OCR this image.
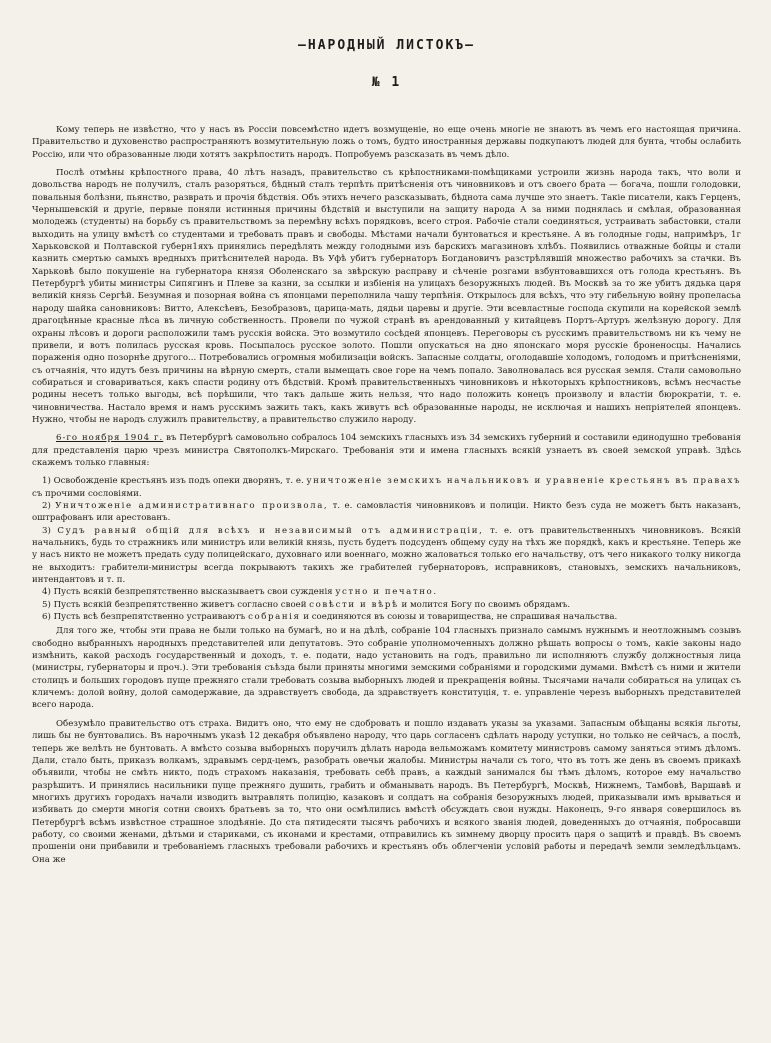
—НАРОДНЫЙ ЛИСТОКЪ—
№ 1

Кому теперь не извѣстно, что у насъ въ Россiи повсемѣстно идетъ возмущенiе, но еще очень многiе не знаютъ въ чемъ его настоящая причина. Правительство и духовенство распространяютъ возмутительную ложь о томъ, будто иностранныя державы подкупаютъ людей для бунта, чтобы ослабить Россiю, или что образованные люди хотятъ закрѣпостить народъ. Попробуемъ разсказать въ чемъ дѣло.

Послѣ отмѣны крѣпостного права, 40 лѣтъ назадъ, правительство съ крѣпостниками-помѣщиками устроили жизнь народа такъ, что воли и довольства народъ не получилъ, сталъ разоряться, бѣдный сталъ терпѣть притѣсненiя отъ чиновниковъ и отъ своего брата — богача, пошли голодовки, повальныя болѣзни, пьянство, разврать и прочiя бѣдствiя. Объ этихъ нечего разсказывать, бѣднота сама лучше это знаетъ. Такiе писатели, какъ Герценъ, Чернышевскiй и другiе, первые поняли истинныя причины бѣдствiй и выступили на защиту народа А за ними поднялась и смѣлая, образованная молодежь (студенты) на борьбу съ правительствомъ за перемѣну всѣхъ порядковъ, всего строя. Рабочiе стали соединяться, устраивать забастовки, стали выходить на улицу вмѣстѣ со студентами и требовать правъ и свободы. Мѣстами начали бунтоваться и крестьяне. А въ голодные годы, напримѣръ, 1г Харьковской и Полтавской губерн1яхъ принялись передѣлять между голодными изъ барскихъ магазиновъ хлѣбъ. Появились отважные бойцы и стали казнить смертью самыхъ вредныхъ притѣснителей народа. Въ Уфѣ убитъ губернаторъ Богдановичъ разстрѣлявшiй множество рабочихъ за стачки. Въ Харьковѣ было покушенiе на губернатора князя Оболенскаго за звѣрскую расправу и сѣченiе розгами взбунтовавшихся отъ голода крестьянъ. Въ Петербургѣ убиты министры Сипягинъ и Плеве за казни, за ссылки и избiенiя на улицахъ безоружныхъ людей. Въ Москвѣ за то же убитъ дядька царя великiй князь Сергѣй. Безумная и позорная война съ японцами переполнила чашу терпѣнiя. Открылось для всѣхъ, что эту гибельную войну пропеласьа народу шайка сановниковъ: Витто, Алексѣевъ, Безобразовъ, царица-мать, дядьи царевы и другiе. Эти всевластные господа скупили на корейской землѣ драгоцѣнные красные лѣса въ личную собственность. Провели по чужой странѣ въ арендованный у китайцевъ Портъ-Артуръ желѣзную дорогу. Для охраны лѣсовъ и дороги расположили тамъ русскiя войска. Это возмутило сосѣдей японцевъ. Переговоры съ русскимъ правительствомъ ни къ чему не привели, и вотъ полилась русская кровь. Посыпалось русское золото. Пошли опускаться на дно японскаго моря русскiе броненосцы. Начались пораженiя одно позорнѣе другого... Потребовались огромныя мобилизацiи войскъ. Запасные солдаты, оголодавшiе холодомъ, голодомъ и притѣсненiями, съ отчаянiя, что идутъ безъ причины на вѣрную смерть, стали вымещать свое горе на чемъ попало. Заволновалась вся русская земля. Стали самовольно собираться и сговариваться, какъ спасти родину отъ бѣдствiй. Кромѣ правительственныхъ чиновниковъ и нѣкоторыхъ крѣпостниковъ, всѣмъ несчастье родины несетъ только выгоды, всѣ порѣшили, что такъ дальше жить нельзя, что надо положить конецъ произволу и властiи бюрократiи, т. е. чиновничества. Настало время и намъ русскимъ зажить такъ, какъ живутъ всѣ образованные народы, не исключая и нашихъ непрiятелей японцевъ. Нужно, чтобы не народъ служилъ правительству, а правительство служило народу.

6-го ноября 1904 г. въ Петербургѣ самовольно собралось 104 земскихъ гласныхъ изъ 34 земскихъ губерний и составили единодушно требованiя для представленiя царю чрезъ министра Святополкъ-Мирскаго. Требованiя эти и имена гласныхъ всякiй узнаетъ въ своей земской управѣ. Здѣсь скажемъ только главныя:

1) Освобожденiе крестьянъ изъ подъ опеки дворянъ, т. е. уничтоженiе земскихъ начальниковъ и уравненiе крестьянъ въ правахъ съ прочими сословiями.

2) Уничтоженiе административнаго произвола, т. е. самовластiя чиновниковъ и полицiи. Никто безъ суда не можетъ быть наказанъ, оштрафованъ или арестованъ.

3) Судъ равный общiй для всѣхъ и независимый отъ администрацiи, т. е. отъ правительственныхъ чиновниковъ. Всякiй начальникъ, будь то стражникъ или министръ или великiй князь, пусть будетъ подсуденъ общему суду на тѣхъ же порядкѣ, какъ и крестьяне. Теперь же у насъ никто не можетъ предать суду полицейскаго, духовнаго или военнаго, можно жаловаться только его начальству, отъ чего никакого толку никогда не выходитъ: грабители-министры всегда покрываютъ такихъ же грабителей губернаторовъ, исправниковъ, становыхъ, земскихъ начальниковъ, интендантовъ и т. п.

4) Пусть всякiй безпрепятственно высказываетъ свои сужденiя устно и печатно.

5) Пусть всякiй безпрепятственно живетъ согласно своей совѣсти и вѣрѣ и молится Богу по своимъ обрядамъ.

6) Пусть всѣ безпрепятственно устраиваютъ собранiя и соединяются въ союзы и товарищества, не спрашивая начальства.

Для того же, чтобы эти права не были только на бумагѣ, но и на дѣлѣ, собранiе 104 гласныхъ признало самымъ нужнымъ и неотложнымъ созывъ свободно выбранныхъ народныхъ представителей или депутатовъ. Это собранiе уполномоченныхъ должно рѣшать вопросы о томъ, какiе законы надо измѣнить, какой расходъ государственный и доходъ, т. е. подати, надо установить на годъ, правильно ли исполняютъ службу должностныя лица (министры, губернаторы и проч.). Эти требованiя съѣзда были приняты многими земскими собранiями и городскими думами. Вмѣстѣ съ ними и жители столицъ и больших городовъ пуще прежняго стали требовать созыва выборныхъ людей и прекращенiя войны. Тысячами начали собираться на улицах съ кличемъ: долой войну, долой самодержавие, да здравствуетъ свобода, да здравствуетъ конституцiя, т. е. управленiе черезъ выборныхъ представителей всего народа.

Обезумѣло правительство отъ страха. Видитъ оно, что ему не сдобровать и пошло издавать указы за указами. Запасным обѣщаны всякiя льготы, лишь бы не бунтовались. Въ нарочнымъ указѣ 12 декабря объявлено народу, что царь согласенъ сдѣлать народу уступки, но только не сейчасъ, а послѣ, теперь же велѣть не бунтовать. А вмѣсто созыва выборныхъ поручилъ дѣлать народа вельможамъ комитету министровъ самому заняться этимъ дѣломъ. Дали, стало быть, приказъ волкамъ, здравымъ серд-цемъ, разобрать овечьи жалобы. Министры начали съ того, что въ тотъ же день въ своемъ прикахѣ объявили, чтобы не смѣть никто, подъ страхомъ наказанiя, требовать себѣ правъ, а каждый занимался бы тѣмъ дѣломъ, которое ему начальство разрѣшитъ. И принялись насильники пуще прежняго душить, грабить и обманывать народъ. Въ Петербургѣ, Москвѣ, Нижнемъ, Тамбовѣ, Варшавѣ и многихъ другихъ городахъ начали изводить вытравлять полицiю, казаковъ и солдатъ на собранiя безоружныхъ людей, приказывали имъ врываться и избивать до смерти многiя сотни своихъ братьевъ за то, что они осмѣлились вмѣстѣ обсуждать свои нужды. Наконецъ, 9-го января совершилось въ Петербургѣ всѣмъ извѣстное страшное злодѣянiе. До ста пятидесяти тысячъ рабочихъ и всякого званiя людей, доведенныхъ до отчаянiя, побросавши работу, со своими женами, дѣтьми и стариками, съ иконами и крестами, отправились къ зимнему дворцу просить царя о защитѣ и правдѣ. Въ своемъ прошенiи они прибавили и требованiемъ гласныхъ требовали рабочихъ и крестьянъ объ облегченiи условiй работы и передачѣ земли земледѣльцамъ. Она же
